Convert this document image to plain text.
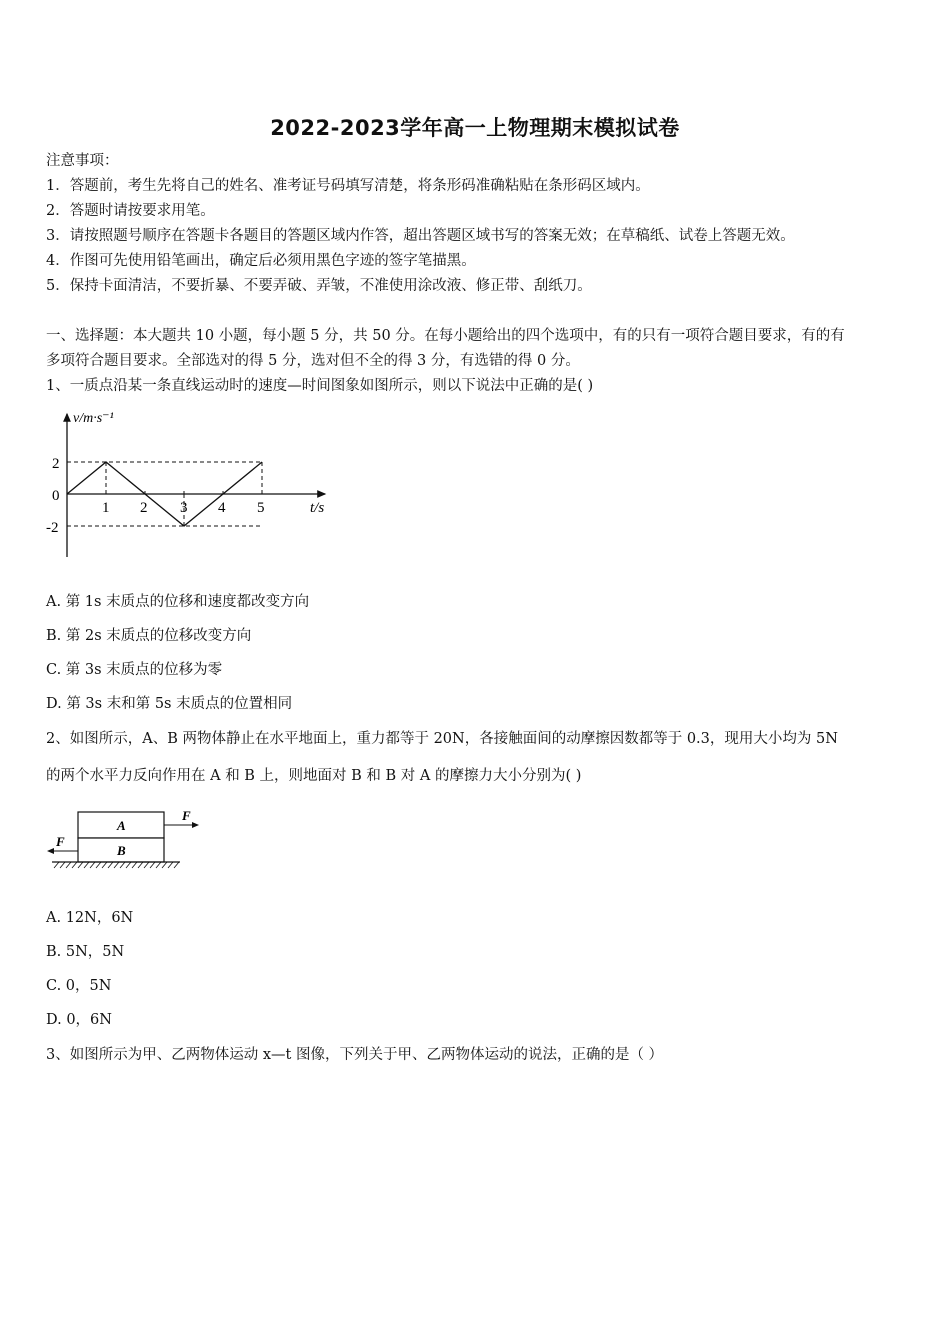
2022-2023学年高一上物理期末模拟试卷
注意事项：
1．答题前，考生先将自己的姓名、准考证号码填写清楚，将条形码准确粘贴在条形码区域内。
2．答题时请按要求用笔。
3．请按照题号顺序在答题卡各题目的答题区域内作答，超出答题区域书写的答案无效；在草稿纸、试卷上答题无效。
4．作图可先使用铅笔画出，确定后必须用黑色字迹的签字笔描黑。
5．保持卡面清洁，不要折暴、不要弄破、弄皱，不准使用涂改液、修正带、刮纸刀。
一、选择题：本大题共 10 小题，每小题 5 分，共 50 分。在每小题给出的四个选项中，有的只有一项符合题目要求，有的有
多项符合题目要求。全部选对的得 5 分，选对但不全的得 3 分，有选错的得 0 分。
1、一质点沿某一条直线运动时的速度—时间图象如图所示，则以下说法中正确的是( )
v/m·s⁻¹
2
0
-2
1 2 3 4 5	t/s
A. 第 1s 末质点的位移和速度都改变方向
B. 第 2s 末质点的位移改变方向
C. 第 3s 末质点的位移为零
D. 第 3s 末和第 5s 末质点的位置相同
2、如图所示，A、B 两物体静止在水平地面上，重力都等于 20N，各接触面间的动摩擦因数都等于 0.3，现用大小均为 5N
的两个水平力反向作用在 A 和 B 上，则地面对 B 和 B 对 A 的摩擦力大小分别为( )
A
B
F
F
A. 12N，6N
B. 5N，5N
C. 0，5N
D. 0，6N
3、如图所示为甲、乙两物体运动 x—t 图像，下列关于甲、乙两物体运动的说法，正确的是（ ）
